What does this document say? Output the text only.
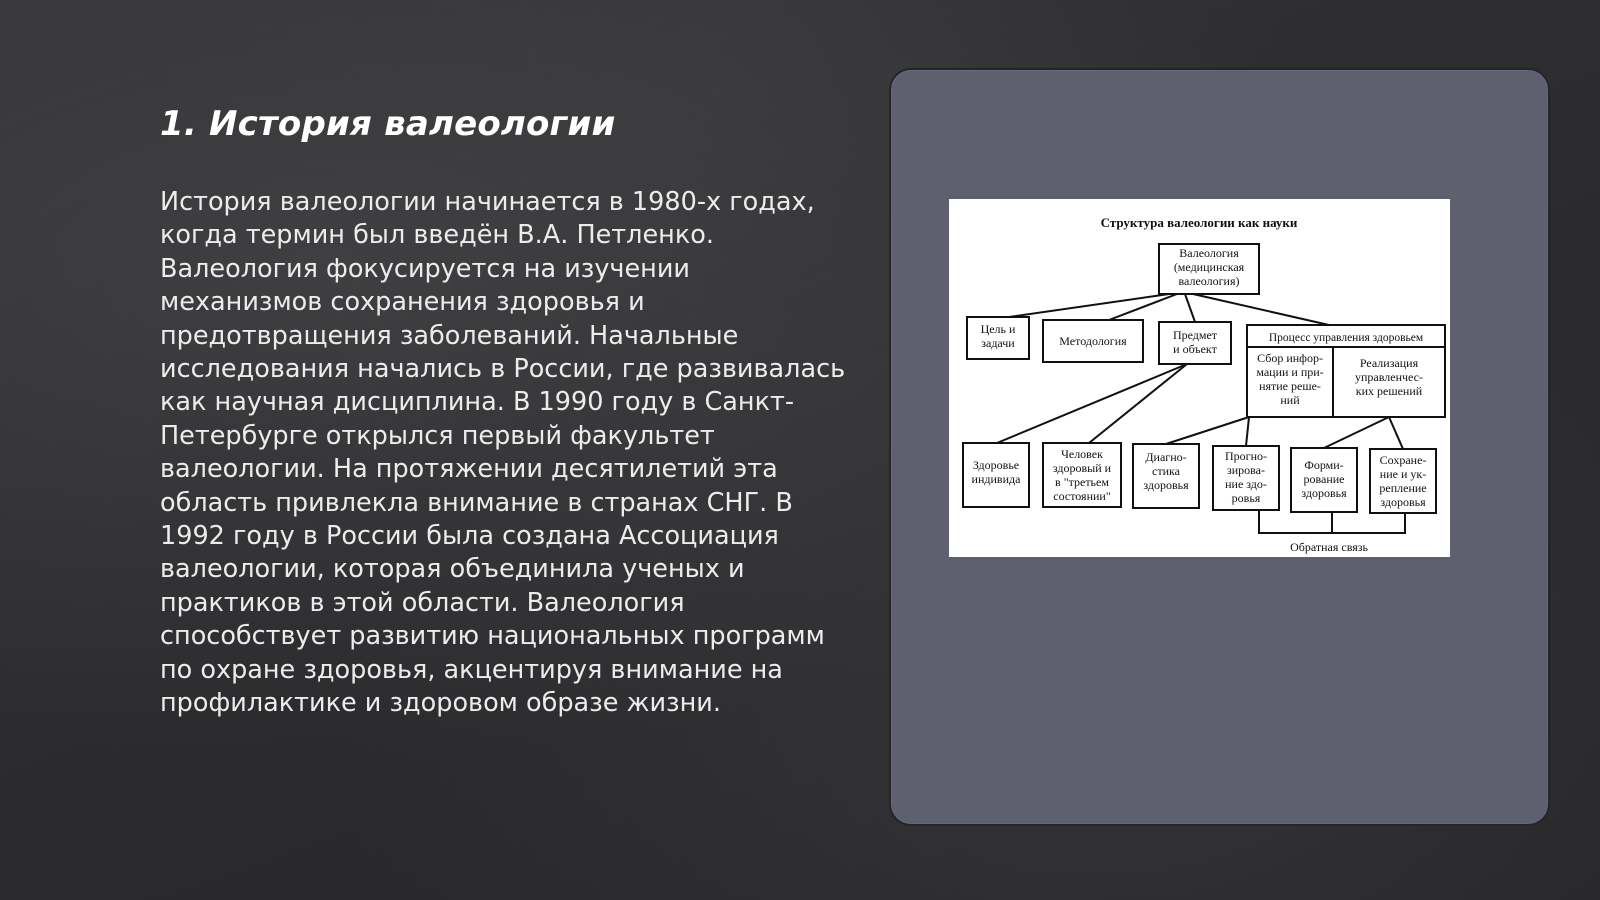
1. История валеологии

История валеологии начинается в 1980-х годах, когда термин был введён В.А. Петленко. Валеология фокусируется на изучении механизмов сохранения здоровья и предотвращения заболеваний. Начальные исследования начались в России, где развивалась как научная дисциплина. В 1990 году в Санкт-Петербурге открылся первый факультет валеологии. На протяжении десятилетий эта область привлекла внимание в странах СНГ. В 1992 году в России была создана Ассоциация валеологии, которая объединила ученых и практиков в этой области. Валеология способствует развитию национальных программ по охране здоровья, акцентируя внимание на профилактике и здоровом образе жизни.

Структура валеологии как науки
Валеология
(медицинская
валеология)
Цель и
задачи	Методология	Предмет
и объект
Процесс управления здоровьем
Сбор инфор-
мации и при-
нятие реше-
ний
Реализация
управленчес-
ких решений
Здоровье
индивида
Человек
здоровый и
в "третьем
состоянии"
Диагно-
стика
здоровья
Прогно-
зирова-
ние здо-
ровья
Форми-
рование
здоровья
Сохране-
ние и ук-
репление
здоровья
Обратная связь
